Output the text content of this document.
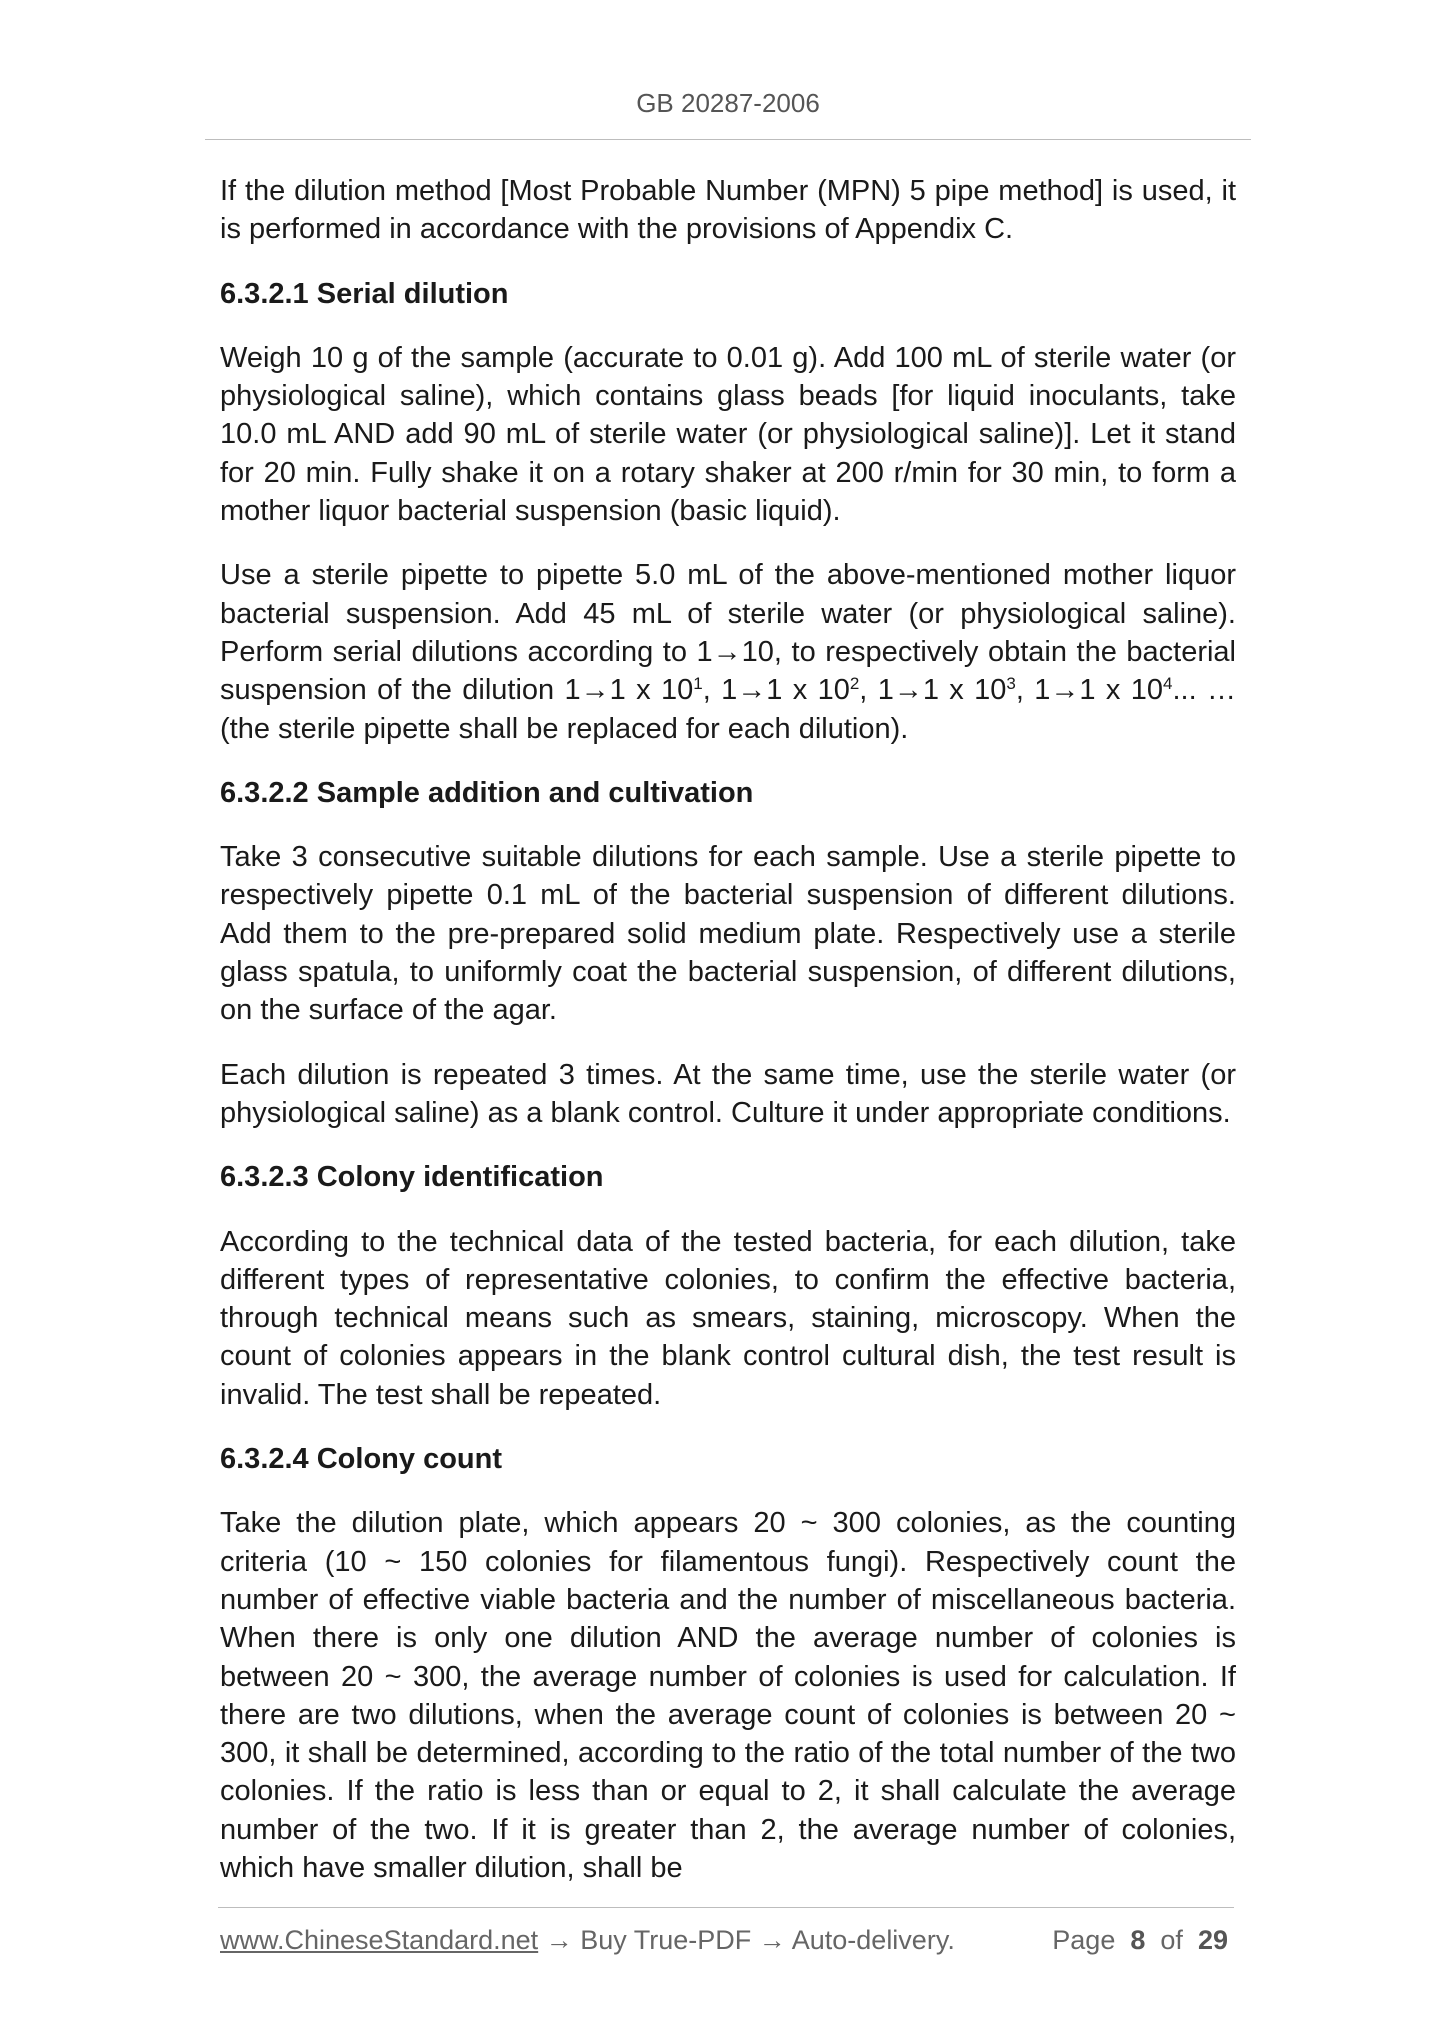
GB 20287-2006

If the dilution method [Most Probable Number (MPN) 5 pipe method] is used, it is performed in accordance with the provisions of Appendix C.

6.3.2.1 Serial dilution

Weigh 10 g of the sample (accurate to 0.01 g). Add 100 mL of sterile water (or physiological saline), which contains glass beads [for liquid inoculants, take 10.0 mL AND add 90 mL of sterile water (or physiological saline)]. Let it stand for 20 min. Fully shake it on a rotary shaker at 200 r/min for 30 min, to form a mother liquor bacterial suspension (basic liquid).

Use a sterile pipette to pipette 5.0 mL of the above-mentioned mother liquor bacterial suspension. Add 45 mL of sterile water (or physiological saline). Perform serial dilutions according to 1→10, to respectively obtain the bacterial suspension of the dilution 1→1 x $10^1$, 1→1 x $10^2$, 1→1 x $10^3$, 1→1 x $10^4$... … (the sterile pipette shall be replaced for each dilution).

6.3.2.2 Sample addition and cultivation

Take 3 consecutive suitable dilutions for each sample. Use a sterile pipette to respectively pipette 0.1 mL of the bacterial suspension of different dilutions. Add them to the pre-prepared solid medium plate. Respectively use a sterile glass spatula, to uniformly coat the bacterial suspension, of different dilutions, on the surface of the agar.

Each dilution is repeated 3 times. At the same time, use the sterile water (or physiological saline) as a blank control. Culture it under appropriate conditions.

6.3.2.3 Colony identification

According to the technical data of the tested bacteria, for each dilution, take different types of representative colonies, to confirm the effective bacteria, through technical means such as smears, staining, microscopy. When the count of colonies appears in the blank control cultural dish, the test result is invalid. The test shall be repeated.

6.3.2.4 Colony count

Take the dilution plate, which appears 20 ~ 300 colonies, as the counting criteria (10 ~ 150 colonies for filamentous fungi). Respectively count the number of effective viable bacteria and the number of miscellaneous bacteria. When there is only one dilution AND the average number of colonies is between 20 ~ 300, the average number of colonies is used for calculation. If there are two dilutions, when the average count of colonies is between 20 ~ 300, it shall be determined, according to the ratio of the total number of the two colonies. If the ratio is less than or equal to 2, it shall calculate the average number of the two. If it is greater than 2, the average number of colonies, which have smaller dilution, shall be

www.ChineseStandard.net → Buy True-PDF → Auto-delivery.	Page 8 of 29
